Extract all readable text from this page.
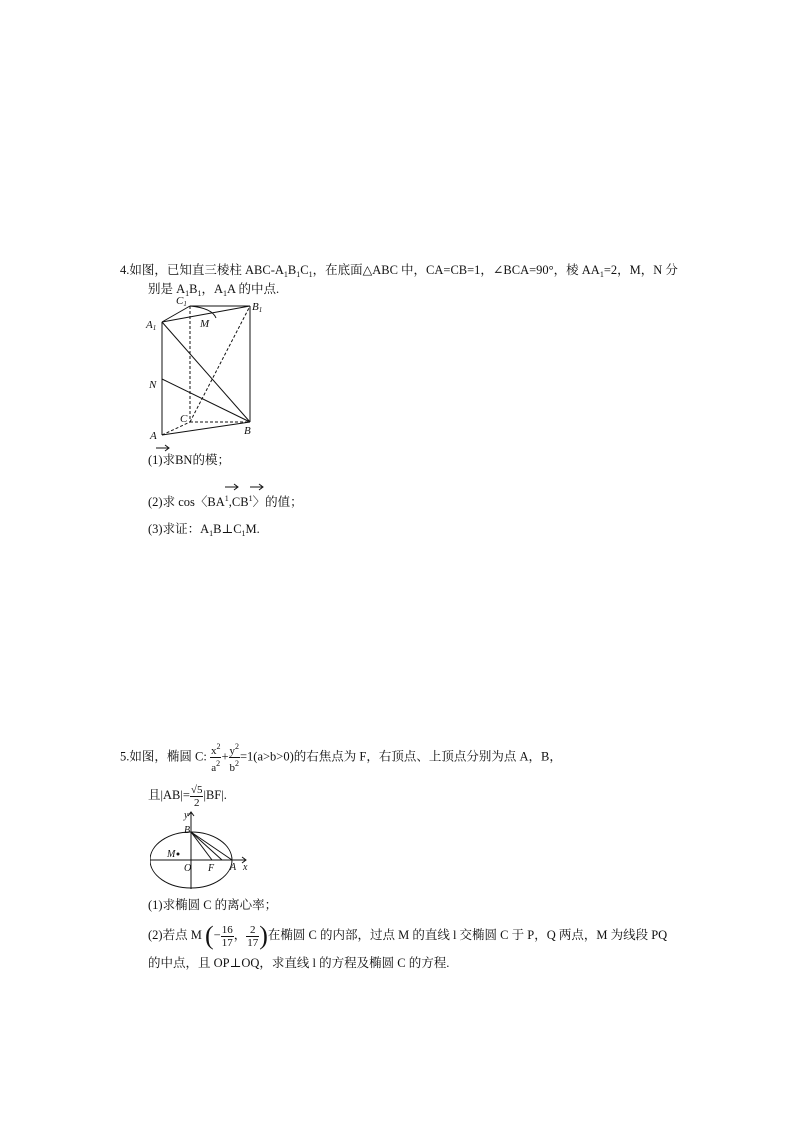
4.如图，已知直三棱柱 ABC-$A_1B_1C_1$，在底面△ABC 中，CA=CB=1，∠BCA=90°，棱 $AA_1=2$，M，N 分
别是 $A_1B_1$，$A_1A$ 的中点.
C1	B1
A1	M
N
C
A	B
(1)求BN的模；
(2)求 cos〈$BA^1,CB^1$〉的值；
(3)求证：$A_1B\perp C_1M$.
5.如图，椭圆 C: $\frac{x^2}{a^2} + \frac{y^2}{b^2} =1(a>b>0)$的右焦点为 F，右顶点、上顶点分别为点 A，B，
且$|AB|= \frac{√5}{2} |BF|$.
y
x
B
M
O F A
(1)求椭圆 C 的离心率；
(2)若点 M (− $\frac{16}{17}$ ， $\frac{2}{17}$ )在椭圆 C 的内部，过点 M 的直线 l 交椭圆 C 于 P，Q 两点，M 为线段 PQ
的中点，且 OP⊥OQ，求直线 l 的方程及椭圆 C 的方程.
